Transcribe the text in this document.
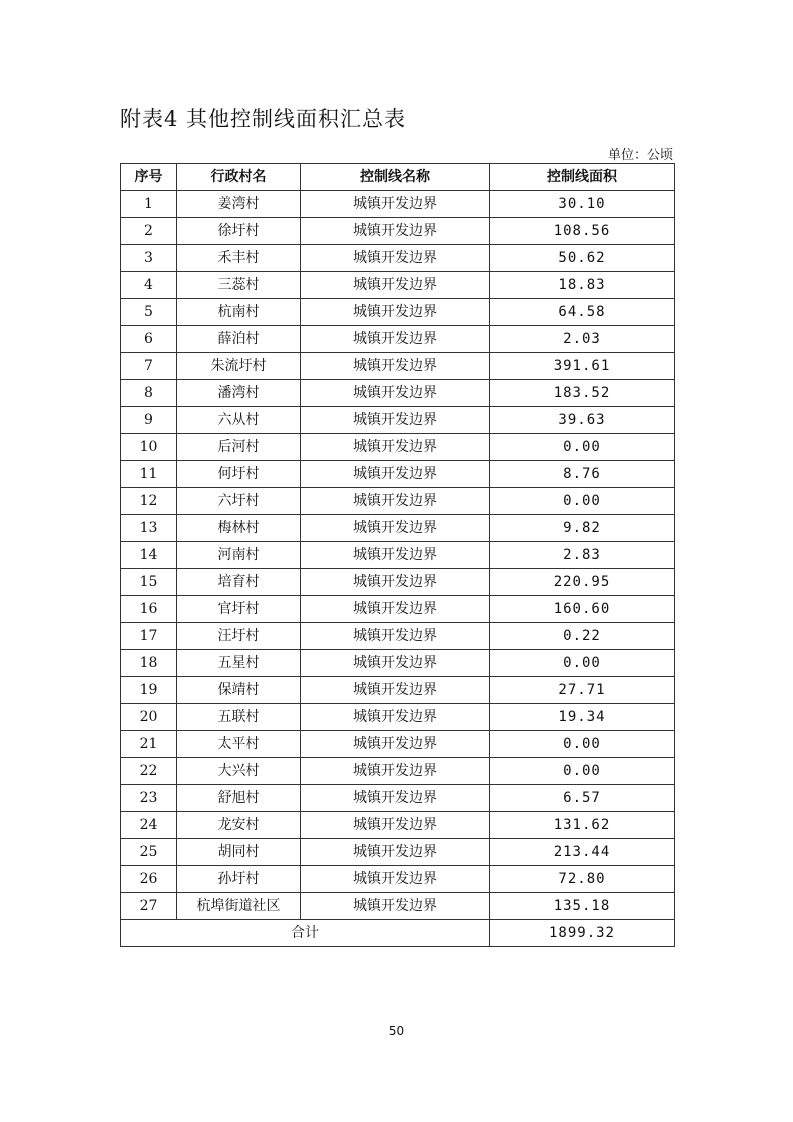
附表4 其他控制线面积汇总表
单位：公顷
序号	行政村名	控制线名称	控制线面积
1	姜湾村	城镇开发边界	30.10
2	徐圩村	城镇开发边界	108.56
3	禾丰村	城镇开发边界	50.62
4	三蕊村	城镇开发边界	18.83
5	杭南村	城镇开发边界	64.58
6	薛泊村	城镇开发边界	2.03
7	朱流圩村	城镇开发边界	391.61
8	潘湾村	城镇开发边界	183.52
9	六从村	城镇开发边界	39.63
10	后河村	城镇开发边界	0.00
11	何圩村	城镇开发边界	8.76
12	六圩村	城镇开发边界	0.00
13	梅林村	城镇开发边界	9.82
14	河南村	城镇开发边界	2.83
15	培育村	城镇开发边界	220.95
16	官圩村	城镇开发边界	160.60
17	汪圩村	城镇开发边界	0.22
18	五星村	城镇开发边界	0.00
19	保靖村	城镇开发边界	27.71
20	五联村	城镇开发边界	19.34
21	太平村	城镇开发边界	0.00
22	大兴村	城镇开发边界	0.00
23	舒旭村	城镇开发边界	6.57
24	龙安村	城镇开发边界	131.62
25	胡同村	城镇开发边界	213.44
26	孙圩村	城镇开发边界	72.80
27	杭埠街道社区	城镇开发边界	135.18
合计			1899.32
50
